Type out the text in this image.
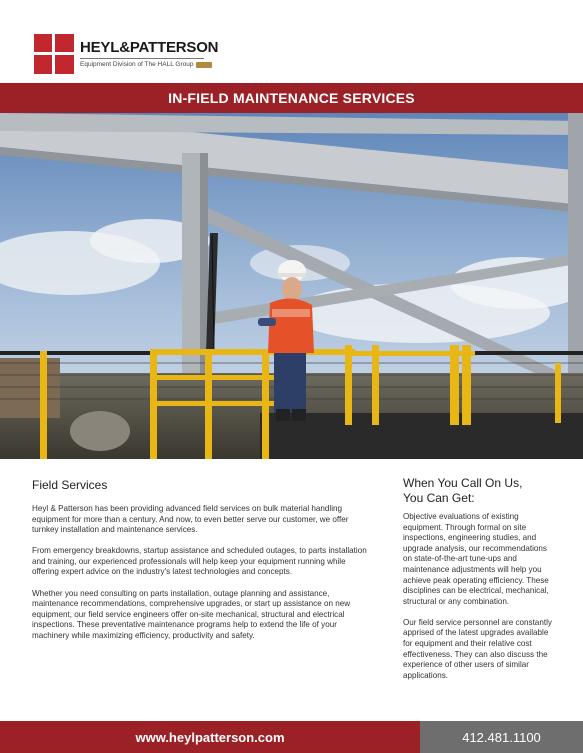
HEYL&PATTERSON
Equipment Division of The HALL Group
IN-FIELD MAINTENANCE SERVICES
Field Services

Heyl & Patterson has been providing advanced field services on bulk material handling equipment for more than a century. And now, to even better serve our customer, we offer turnkey installation and maintenance services.

From emergency breakdowns, startup assistance and scheduled outages, to parts installation and training, our experienced professionals will help keep your equipment running while offering expert advice on the industry's latest technologies and concepts.

Whether you need consulting on parts installation, outage planning and assistance, maintenance recommendations, comprehensive upgrades, or start up assistance on new equipment, our field service engineers offer on-site mechanical, structural and electrical inspections. These preventative maintenance programs help to extend the life of your machinery while maximizing efficiency, productivity and safety.

When You Call On Us,
You Can Get:

Objective evaluations of existing equipment. Through formal on site inspections, engineering studies, and upgrade analysis, our recommendations on state-of-the-art tune-ups and maintenance adjustments will help you achieve peak operating efficiency. These disciplines can be electrical, mechanical, structural or any combination.

Our field service personnel are constantly apprised of the latest upgrades available for equipment and their relative cost effectiveness. They can also discuss the experience of other users of similar applications.

www.heylpatterson.com	412.481.1100
